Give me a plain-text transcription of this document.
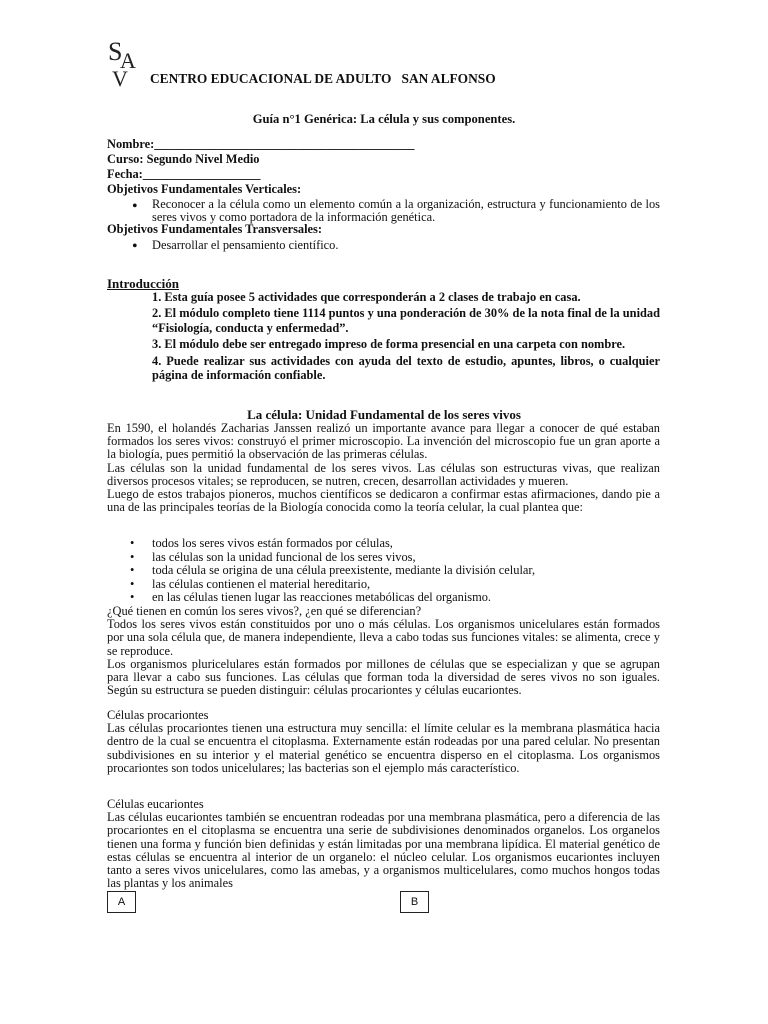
S
A
V CENTRO EDUCACIONAL DE ADULTO   SAN ALFONSO
Guía n°1 Genérica: La célula y sus componentes.
Nombre:__________________________________________
Curso: Segundo Nivel Medio
Fecha:___________________
Objetivos Fundamentales Verticales:
• Reconocer a la célula como un elemento común a la organización, estructura y funcionamiento de los seres vivos y como portadora de la información genética.
Objetivos Fundamentales Transversales:
• Desarrollar el pensamiento científico.
Introducción

1. Esta guía posee 5 actividades que corresponderán a 2 clases de trabajo en casa.

2. El módulo completo tiene 1114 puntos y una ponderación de 30% de la nota final de la unidad “Fisiología, conducta y enfermedad”.

3. El módulo debe ser entregado impreso de forma presencial en una carpeta con nombre.

4. Puede realizar sus actividades con ayuda del texto de estudio, apuntes, libros, o cualquier página de información confiable.

La célula: Unidad Fundamental de los seres vivos

En 1590, el holandés Zacharias Janssen realizó un importante avance para llegar a conocer de qué estaban formados los seres vivos: construyó el primer microscopio. La invención del microscopio fue un gran aporte a la biología, pues permitió la observación de las primeras células.

Las células son la unidad fundamental de los seres vivos. Las células son estructuras vivas, que realizan diversos procesos vitales; se reproducen, se nutren, crecen, desarrollan actividades y mueren.

Luego de estos trabajos pioneros, muchos científicos se dedicaron a confirmar estas afirmaciones, dando pie a una de las principales teorías de la Biología conocida como la teoría celular, la cual plantea que:

• todos los seres vivos están formados por células,
• las células son la unidad funcional de los seres vivos,
• toda célula se origina de una célula preexistente, mediante la división celular,
• las células contienen el material hereditario,
• en las células tienen lugar las reacciones metabólicas del organismo.

¿Qué tienen en común los seres vivos?, ¿en qué se diferencian?

Todos los seres vivos están constituidos por uno o más células. Los organismos unicelulares están formados por una sola célula que, de manera independiente, lleva a cabo todas sus funciones vitales: se alimenta, crece y se reproduce.

Los organismos pluricelulares están formados por millones de células que se especializan y que se agrupan para llevar a cabo sus funciones. Las células que forman toda la diversidad de seres vivos no son iguales. Según su estructura se pueden distinguir: células procariontes y células eucariontes.

Células procariontes

Las células procariontes tienen una estructura muy sencilla: el límite celular es la membrana plasmática hacia dentro de la cual se encuentra el citoplasma. Externamente están rodeadas por una pared celular. No presentan subdivisiones en su interior y el material genético se encuentra disperso en el citoplasma. Los organismos procariontes son todos unicelulares; las bacterias son el ejemplo más característico.

Células eucariontes

Las células eucariontes también se encuentran rodeadas por una membrana plasmática, pero a diferencia de las procariontes en el citoplasma se encuentra una serie de subdivisiones denominados organelos. Los organelos tienen una forma y función bien definidas y están limitadas por una membrana lipídica. El material genético de estas células se encuentra al interior de un organelo: el núcleo celular. Los organismos eucariontes incluyen tanto a seres vivos unicelulares, como las amebas, y a organismos multicelulares, como muchos hongos todas las plantas y los animales

A	B
